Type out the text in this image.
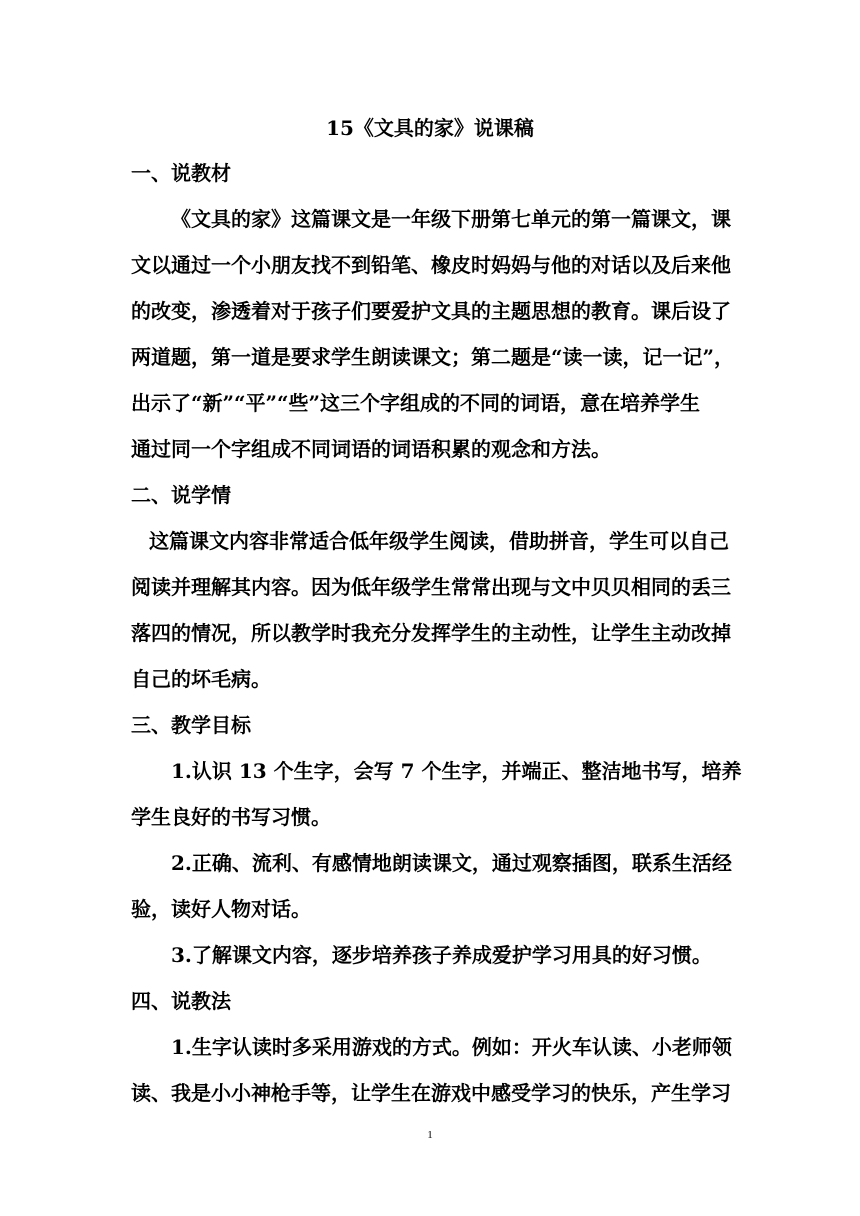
15《文具的家》说课稿
一、说教材
《文具的家》这篇课文是一年级下册第七单元的第一篇课文，课
文以通过一个小朋友找不到铅笔、橡皮时妈妈与他的对话以及后来他
的改变，渗透着对于孩子们要爱护文具的主题思想的教育。课后设了
两道题，第一道是要求学生朗读课文；第二题是“读一读，记一记”，
出示了“新”“平”“些”这三个字组成的不同的词语，意在培养学生
通过同一个字组成不同词语的词语积累的观念和方法。
二、说学情
这篇课文内容非常适合低年级学生阅读，借助拼音，学生可以自己
阅读并理解其内容。因为低年级学生常常出现与文中贝贝相同的丢三
落四的情况，所以教学时我充分发挥学生的主动性，让学生主动改掉
自己的坏毛病。
三、教学目标
1.认识 13 个生字，会写 7 个生字，并端正、整洁地书写，培养
学生良好的书写习惯。
2.正确、流利、有感情地朗读课文，通过观察插图，联系生活经
验，读好人物对话。
3.了解课文内容，逐步培养孩子养成爱护学习用具的好习惯。
四、说教法
1.生字认读时多采用游戏的方式。例如：开火车认读、小老师领
读、我是小小神枪手等，让学生在游戏中感受学习的快乐，产生学习
1
